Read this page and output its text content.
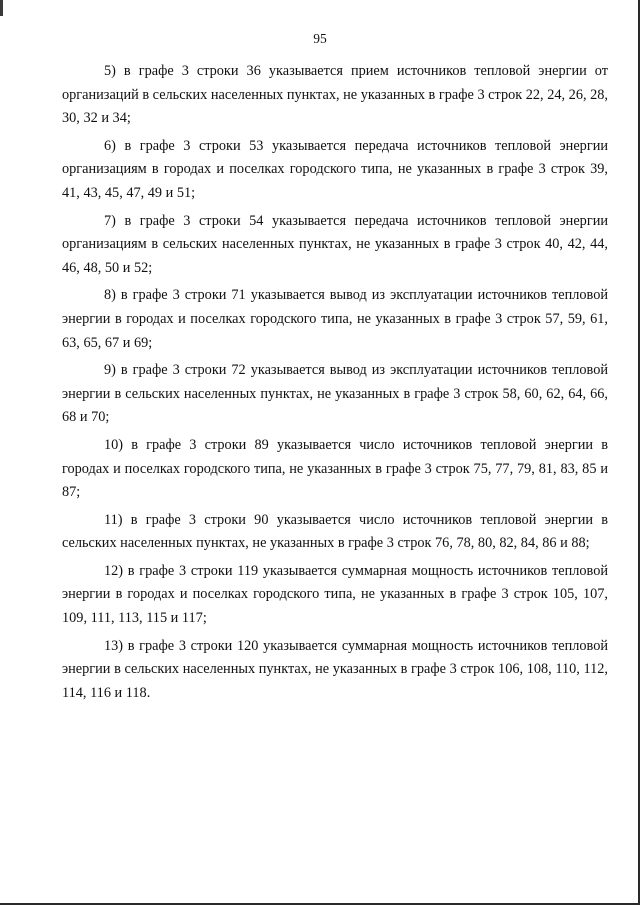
95

5) в графе 3 строки 36 указывается прием источников тепловой энергии от организаций в сельских населенных пунктах, не указанных в графе 3 строк 22, 24, 26, 28, 30, 32 и 34;

6) в графе 3 строки 53 указывается передача источников тепловой энергии организациям в городах и поселках городского типа, не указанных в графе 3 строк 39, 41, 43, 45, 47, 49 и 51;

7) в графе 3 строки 54 указывается передача источников тепловой энергии организациям в сельских населенных пунктах, не указанных в графе 3 строк 40, 42, 44, 46, 48, 50 и 52;

8) в графе 3 строки 71 указывается вывод из эксплуатации источников тепловой энергии в городах и поселках городского типа, не указанных в графе 3 строк 57, 59, 61, 63, 65, 67 и 69;

9) в графе 3 строки 72 указывается вывод из эксплуатации источников тепловой энергии в сельских населенных пунктах, не указанных в графе 3 строк 58, 60, 62, 64, 66, 68 и 70;

10) в графе 3 строки 89 указывается число источников тепловой энергии в городах и поселках городского типа, не указанных в графе 3 строк 75, 77, 79, 81, 83, 85 и 87;

11) в графе 3 строки 90 указывается число источников тепловой энергии в сельских населенных пунктах, не указанных в графе 3 строк 76, 78, 80, 82, 84, 86 и 88;

12) в графе 3 строки 119 указывается суммарная мощность источников тепловой энергии в городах и поселках городского типа, не указанных в графе 3 строк 105, 107, 109, 111, 113, 115 и 117;

13) в графе 3 строки 120 указывается суммарная мощность источников тепловой энергии в сельских населенных пунктах, не указанных в графе 3 строк 106, 108, 110, 112, 114, 116 и 118.
